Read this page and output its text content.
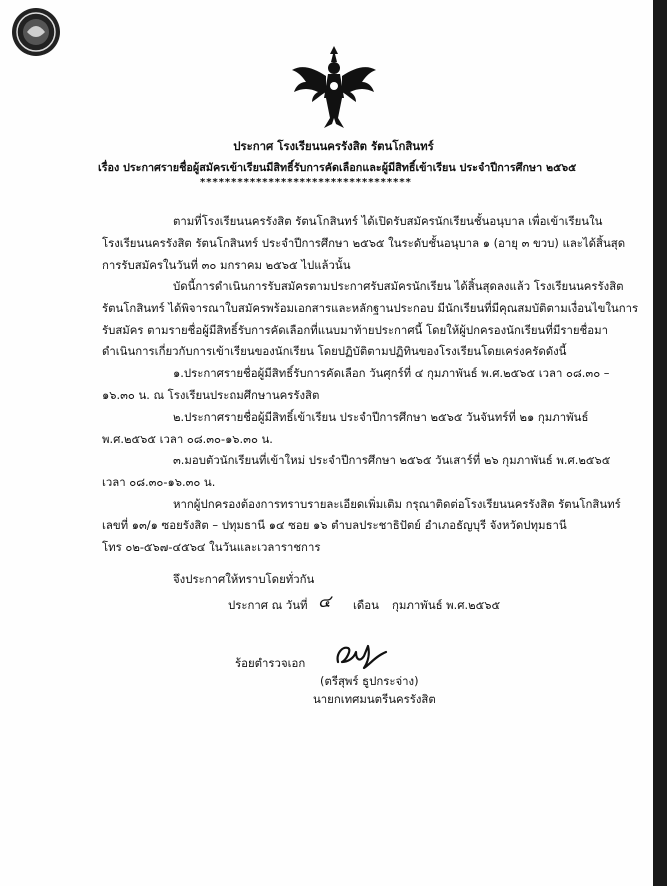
ประกาศ โรงเรียนนครรังสิต รัตนโกสินทร์
เรื่อง ประกาศรายชื่อผู้สมัครเข้าเรียนมีสิทธิ์รับการคัดเลือกและผู้มีสิทธิ์เข้าเรียน ประจำปีการศึกษา ๒๕๖๕
**********************************
ตามที่โรงเรียนนครรังสิต รัตนโกสินทร์ ได้เปิดรับสมัครนักเรียนชั้นอนุบาล เพื่อเข้าเรียนใน
โรงเรียนนครรังสิต รัตนโกสินทร์ ประจำปีการศึกษา ๒๕๖๕ ในระดับชั้นอนุบาล ๑ (อายุ ๓ ขวบ) และได้สิ้นสุด
การรับสมัครในวันที่ ๓๐ มกราคม ๒๕๖๕ ไปแล้วนั้น
บัดนี้การดำเนินการรับสมัครตามประกาศรับสมัครนักเรียน ได้สิ้นสุดลงแล้ว โรงเรียนนครรังสิต
รัตนโกสินทร์ ได้พิจารณาใบสมัครพร้อมเอกสารและหลักฐานประกอบ มีนักเรียนที่มีคุณสมบัติตามเงื่อนไขในการ
รับสมัคร ตามรายชื่อผู้มีสิทธิ์รับการคัดเลือกที่แนบมาท้ายประกาศนี้ โดยให้ผู้ปกครองนักเรียนที่มีรายชื่อมา
ดำเนินการเกี่ยวกับการเข้าเรียนของนักเรียน โดยปฏิบัติตามปฏิทินของโรงเรียนโดยเคร่งครัดดังนี้
๑.ประกาศรายชื่อผู้มีสิทธิ์รับการคัดเลือก วันศุกร์ที่ ๔ กุมภาพันธ์ พ.ศ.๒๕๖๕ เวลา ๐๘.๓๐ –
๑๖.๓๐ น. ณ โรงเรียนประถมศึกษานครรังสิต
๒.ประกาศรายชื่อผู้มีสิทธิ์เข้าเรียน ประจำปีการศึกษา ๒๕๖๕ วันจันทร์ที่ ๒๑ กุมภาพันธ์
พ.ศ.๒๕๖๕ เวลา ๐๘.๓๐-๑๖.๓๐ น.
๓.มอบตัวนักเรียนที่เข้าใหม่ ประจำปีการศึกษา ๒๕๖๕ วันเสาร์ที่ ๒๖ กุมภาพันธ์ พ.ศ.๒๕๖๕
เวลา ๐๘.๓๐-๑๖.๓๐ น.
หากผู้ปกครองต้องการทราบรายละเอียดเพิ่มเติม กรุณาติดต่อโรงเรียนนครรังสิต รัตนโกสินทร์
เลขที่ ๑๓/๑ ซอยรังสิต – ปทุมธานี ๑๔ ซอย ๑๖ ตำบลประชาธิปัตย์ อำเภอธัญบุรี จังหวัดปทุมธานี
โทร ๐๒-๕๖๗-๔๕๖๔ ในวันและเวลาราชการ
จึงประกาศให้ทราบโดยทั่วกัน
ประกาศ ณ วันที่ ๔ เดือน กุมภาพันธ์ พ.ศ.๒๕๖๕
ร้อยตำรวจเอก
(ตรีสุพร์ ธูปกระจ่าง)
นายกเทศมนตรีนครรังสิต
